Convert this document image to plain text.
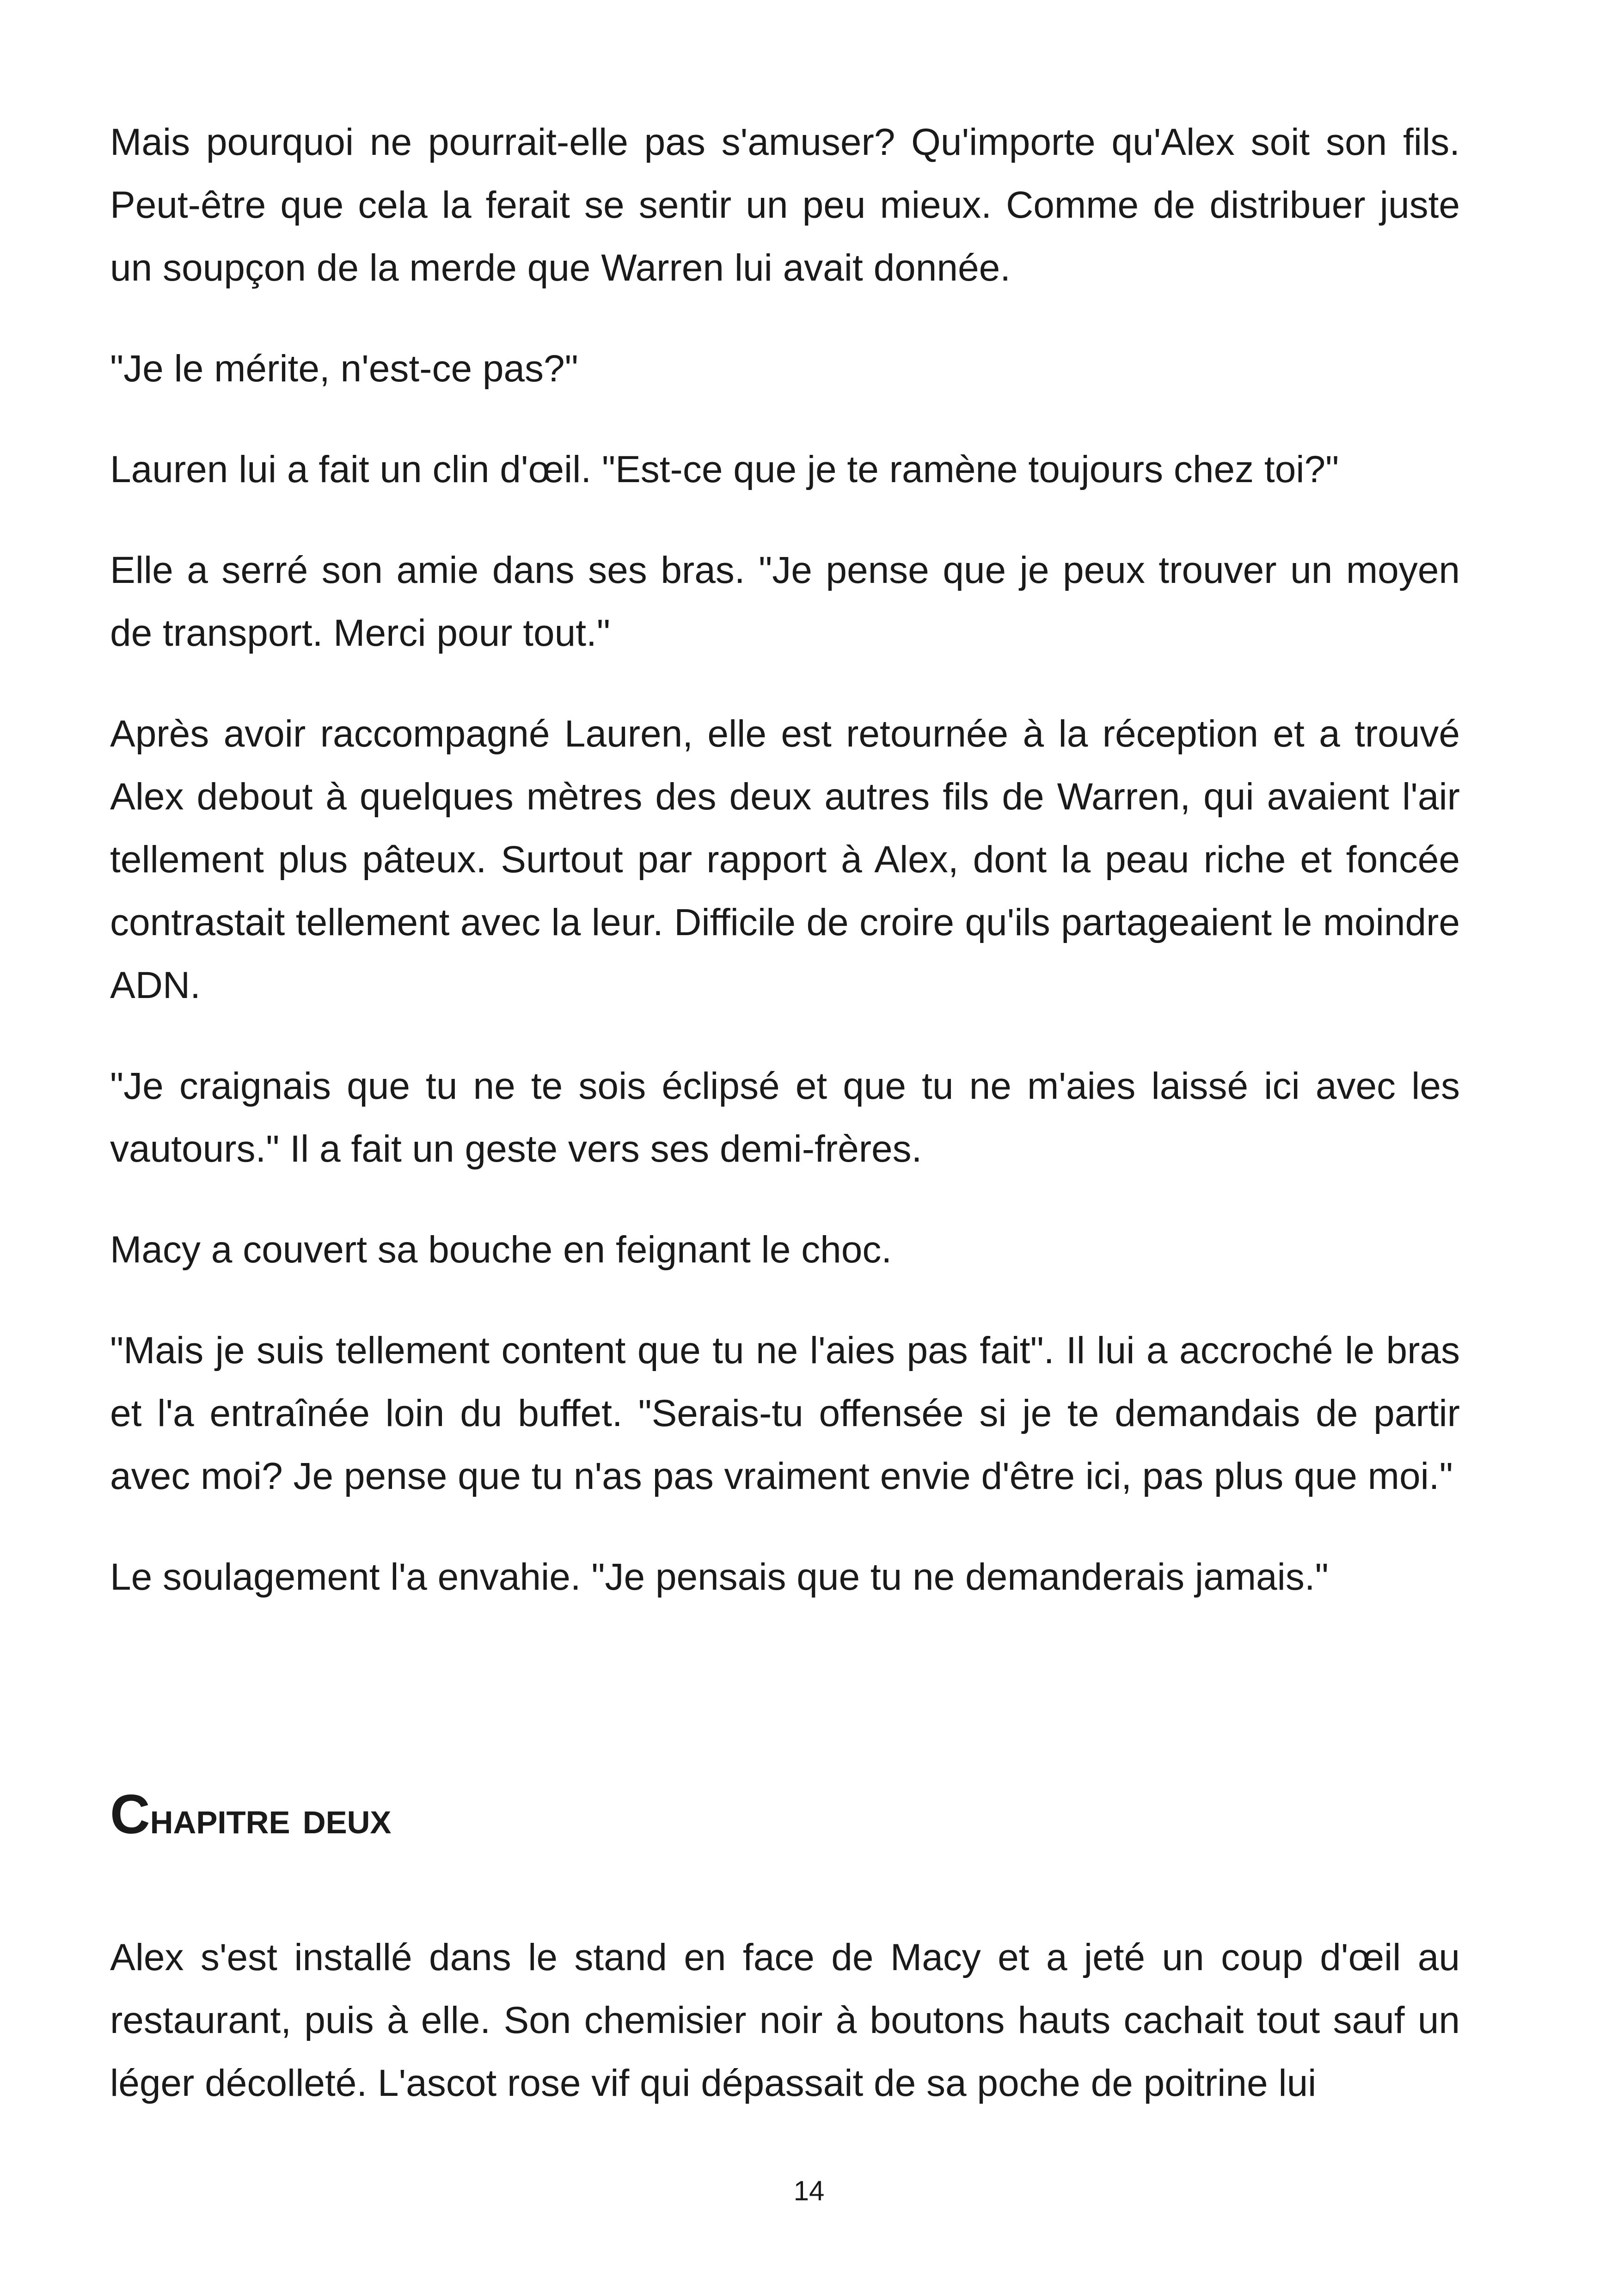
Mais pourquoi ne pourrait-elle pas s'amuser? Qu'importe qu'Alex soit son fils. Peut-être que cela la ferait se sentir un peu mieux. Comme de distribuer juste un soupçon de la merde que Warren lui avait donnée.

"Je le mérite, n'est-ce pas?"

Lauren lui a fait un clin d'œil. "Est-ce que je te ramène toujours chez toi?"

Elle a serré son amie dans ses bras. "Je pense que je peux trouver un moyen de transport. Merci pour tout."

Après avoir raccompagné Lauren, elle est retournée à la réception et a trouvé Alex debout à quelques mètres des deux autres fils de Warren, qui avaient l'air tellement plus pâteux. Surtout par rapport à Alex, dont la peau riche et foncée contrastait tellement avec la leur. Difficile de croire qu'ils partageaient le moindre ADN.

"Je craignais que tu ne te sois éclipsé et que tu ne m'aies laissé ici avec les vautours." Il a fait un geste vers ses demi-frères.

Macy a couvert sa bouche en feignant le choc.

"Mais je suis tellement content que tu ne l'aies pas fait". Il lui a accroché le bras et l'a entraînée loin du buffet. "Serais-tu offensée si je te demandais de partir avec moi? Je pense que tu n'as pas vraiment envie d'être ici, pas plus que moi."

Le soulagement l'a envahie. "Je pensais que tu ne demanderais jamais."

Chapitre deux

Alex s'est installé dans le stand en face de Macy et a jeté un coup d'œil au restaurant, puis à elle. Son chemisier noir à boutons hauts cachait tout sauf un léger décolleté. L'ascot rose vif qui dépassait de sa poche de poitrine lui

14
